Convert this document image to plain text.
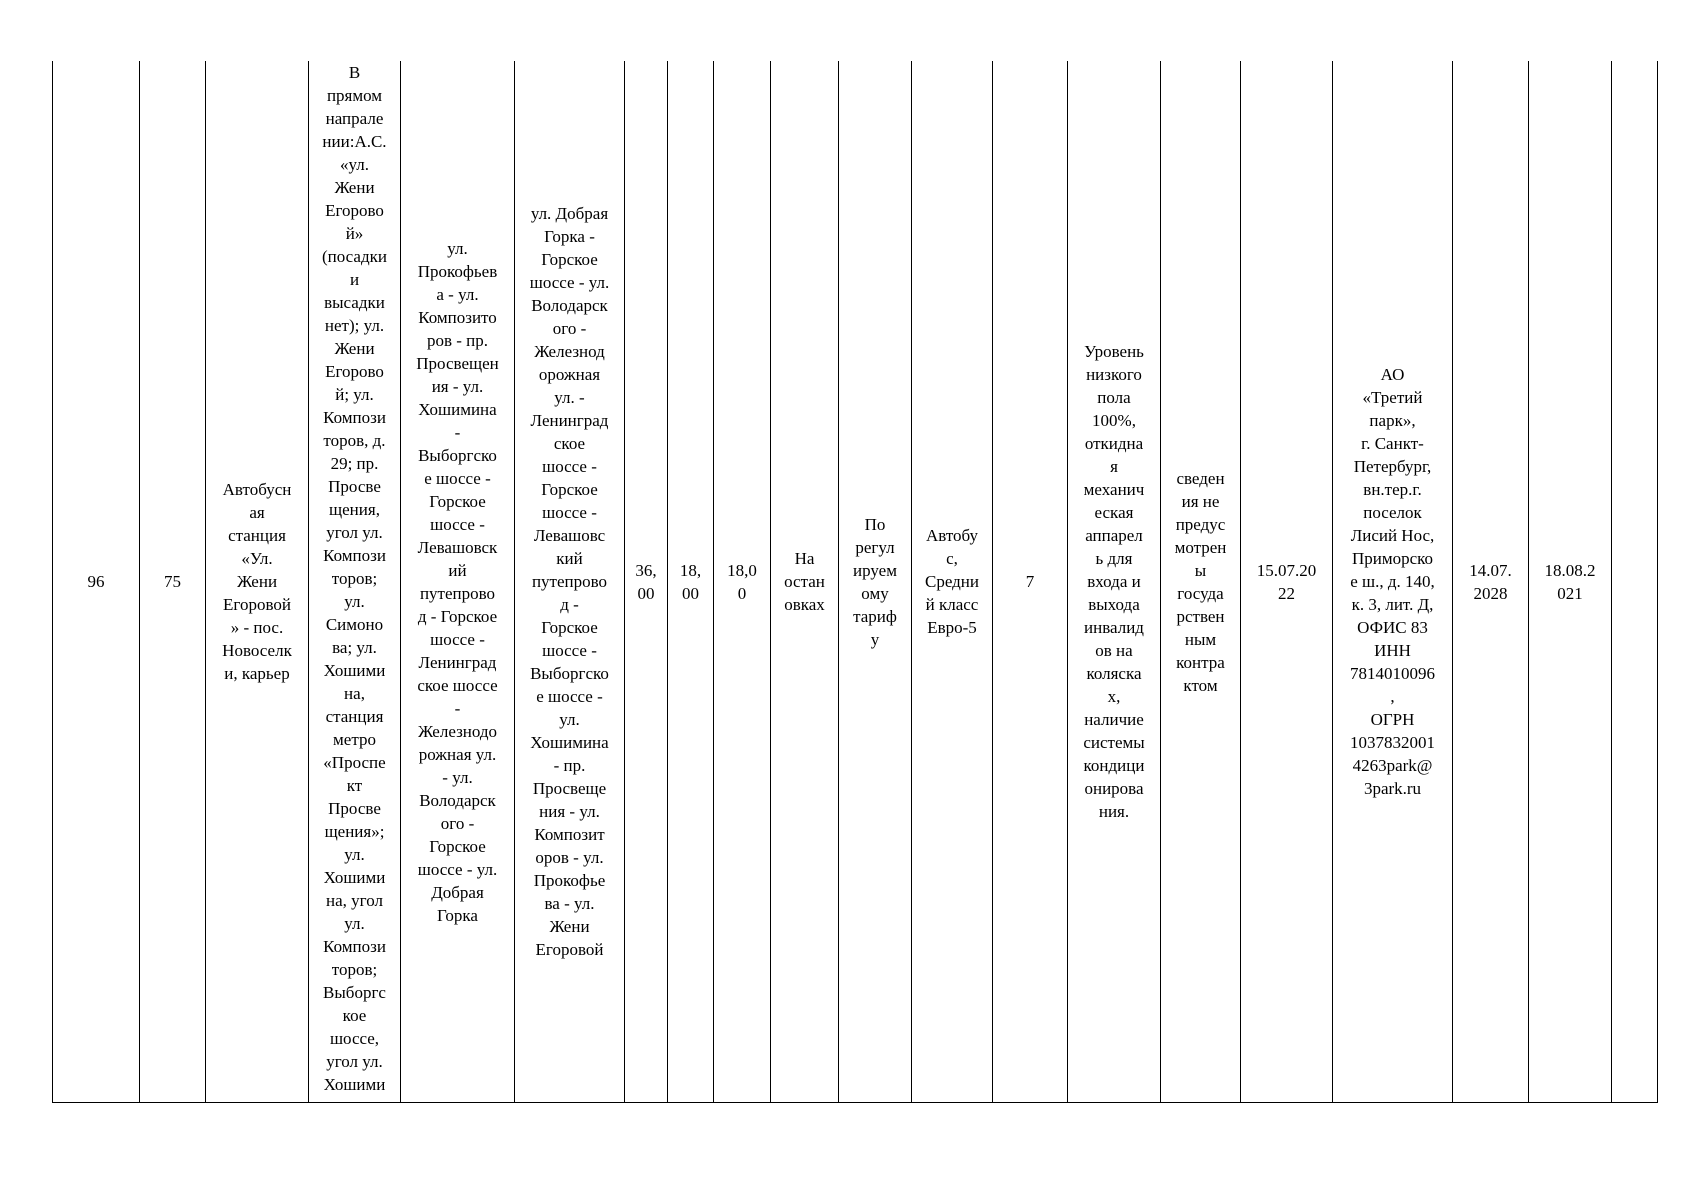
96	75	Автобусн
ая
станция
«Ул.
Жени
Егоровой
» - пос.
Новоселк
и, карьер	В
прямом
напрале
нии:А.С.
«ул.
Жени
Егорово
й»
(посадки
и
высадки
нет); ул.
Жени
Егорово
й; ул.
Компози
торов, д.
29; пр.
Просве
щения,
угол ул.
Компози
торов;
ул.
Симоно
ва; ул.
Хошими
на,
станция
метро
«Проспе
кт
Просве
щения»;
ул.
Хошими
на, угол
ул.
Компози
торов;
Выборгс
кое
шоссе,
угол ул.
Хошими	ул.
Прокофьев
а - ул.
Композито
ров - пр.
Просвещен
ия - ул.
Хошимина
-
Выборгско
е шоссе -
Горское
шоссе -
Левашовск
ий
путепрово
д - Горское
шоссе -
Ленинград
ское шоссе
-
Железнодо
рожная ул.
- ул.
Володарск
ого -
Горское
шоссе - ул.
Добрая
Горка	ул. Добрая
Горка -
Горское
шоссе - ул.
Володарск
ого -
Железнод
орожная
ул. -
Ленинград
ское
шоссе -
Горское
шоссе -
Левашовс
кий
путепрово
д -
Горское
шоссе -
Выборгско
е шоссе -
ул.
Хошимина
- пр.
Просвеще
ния - ул.
Композит
оров - ул.
Прокофье
ва - ул.
Жени
Егоровой	36,
00	18,
00	18,0
0	На
остан
овках	По
регул
ируем
ому
тариф
у	Автобу
с,
Средни
й класс
Евро-5	7	Уровень
низкого
пола
100%,
откидна
я
механич
еская
аппарел
ь для
входа и
выхода
инвалид
ов на
коляска
х,
наличие
системы
кондици
онирова
ния.	сведен
ия не
предус
мотрен
ы
госуда
рствен
ным
контра
ктом	15.07.20
22	АО
«Третий
парк»,
г. Санкт-
Петербург,
вн.тер.г.
поселок
Лисий Нос,
Приморско
е ш., д. 140,
к. 3, лит. Д,
ОФИС 83
ИНН
7814010096
,
ОГРН
1037832001
4263park@
3park.ru	14.07.
2028	18.08.2
021	
